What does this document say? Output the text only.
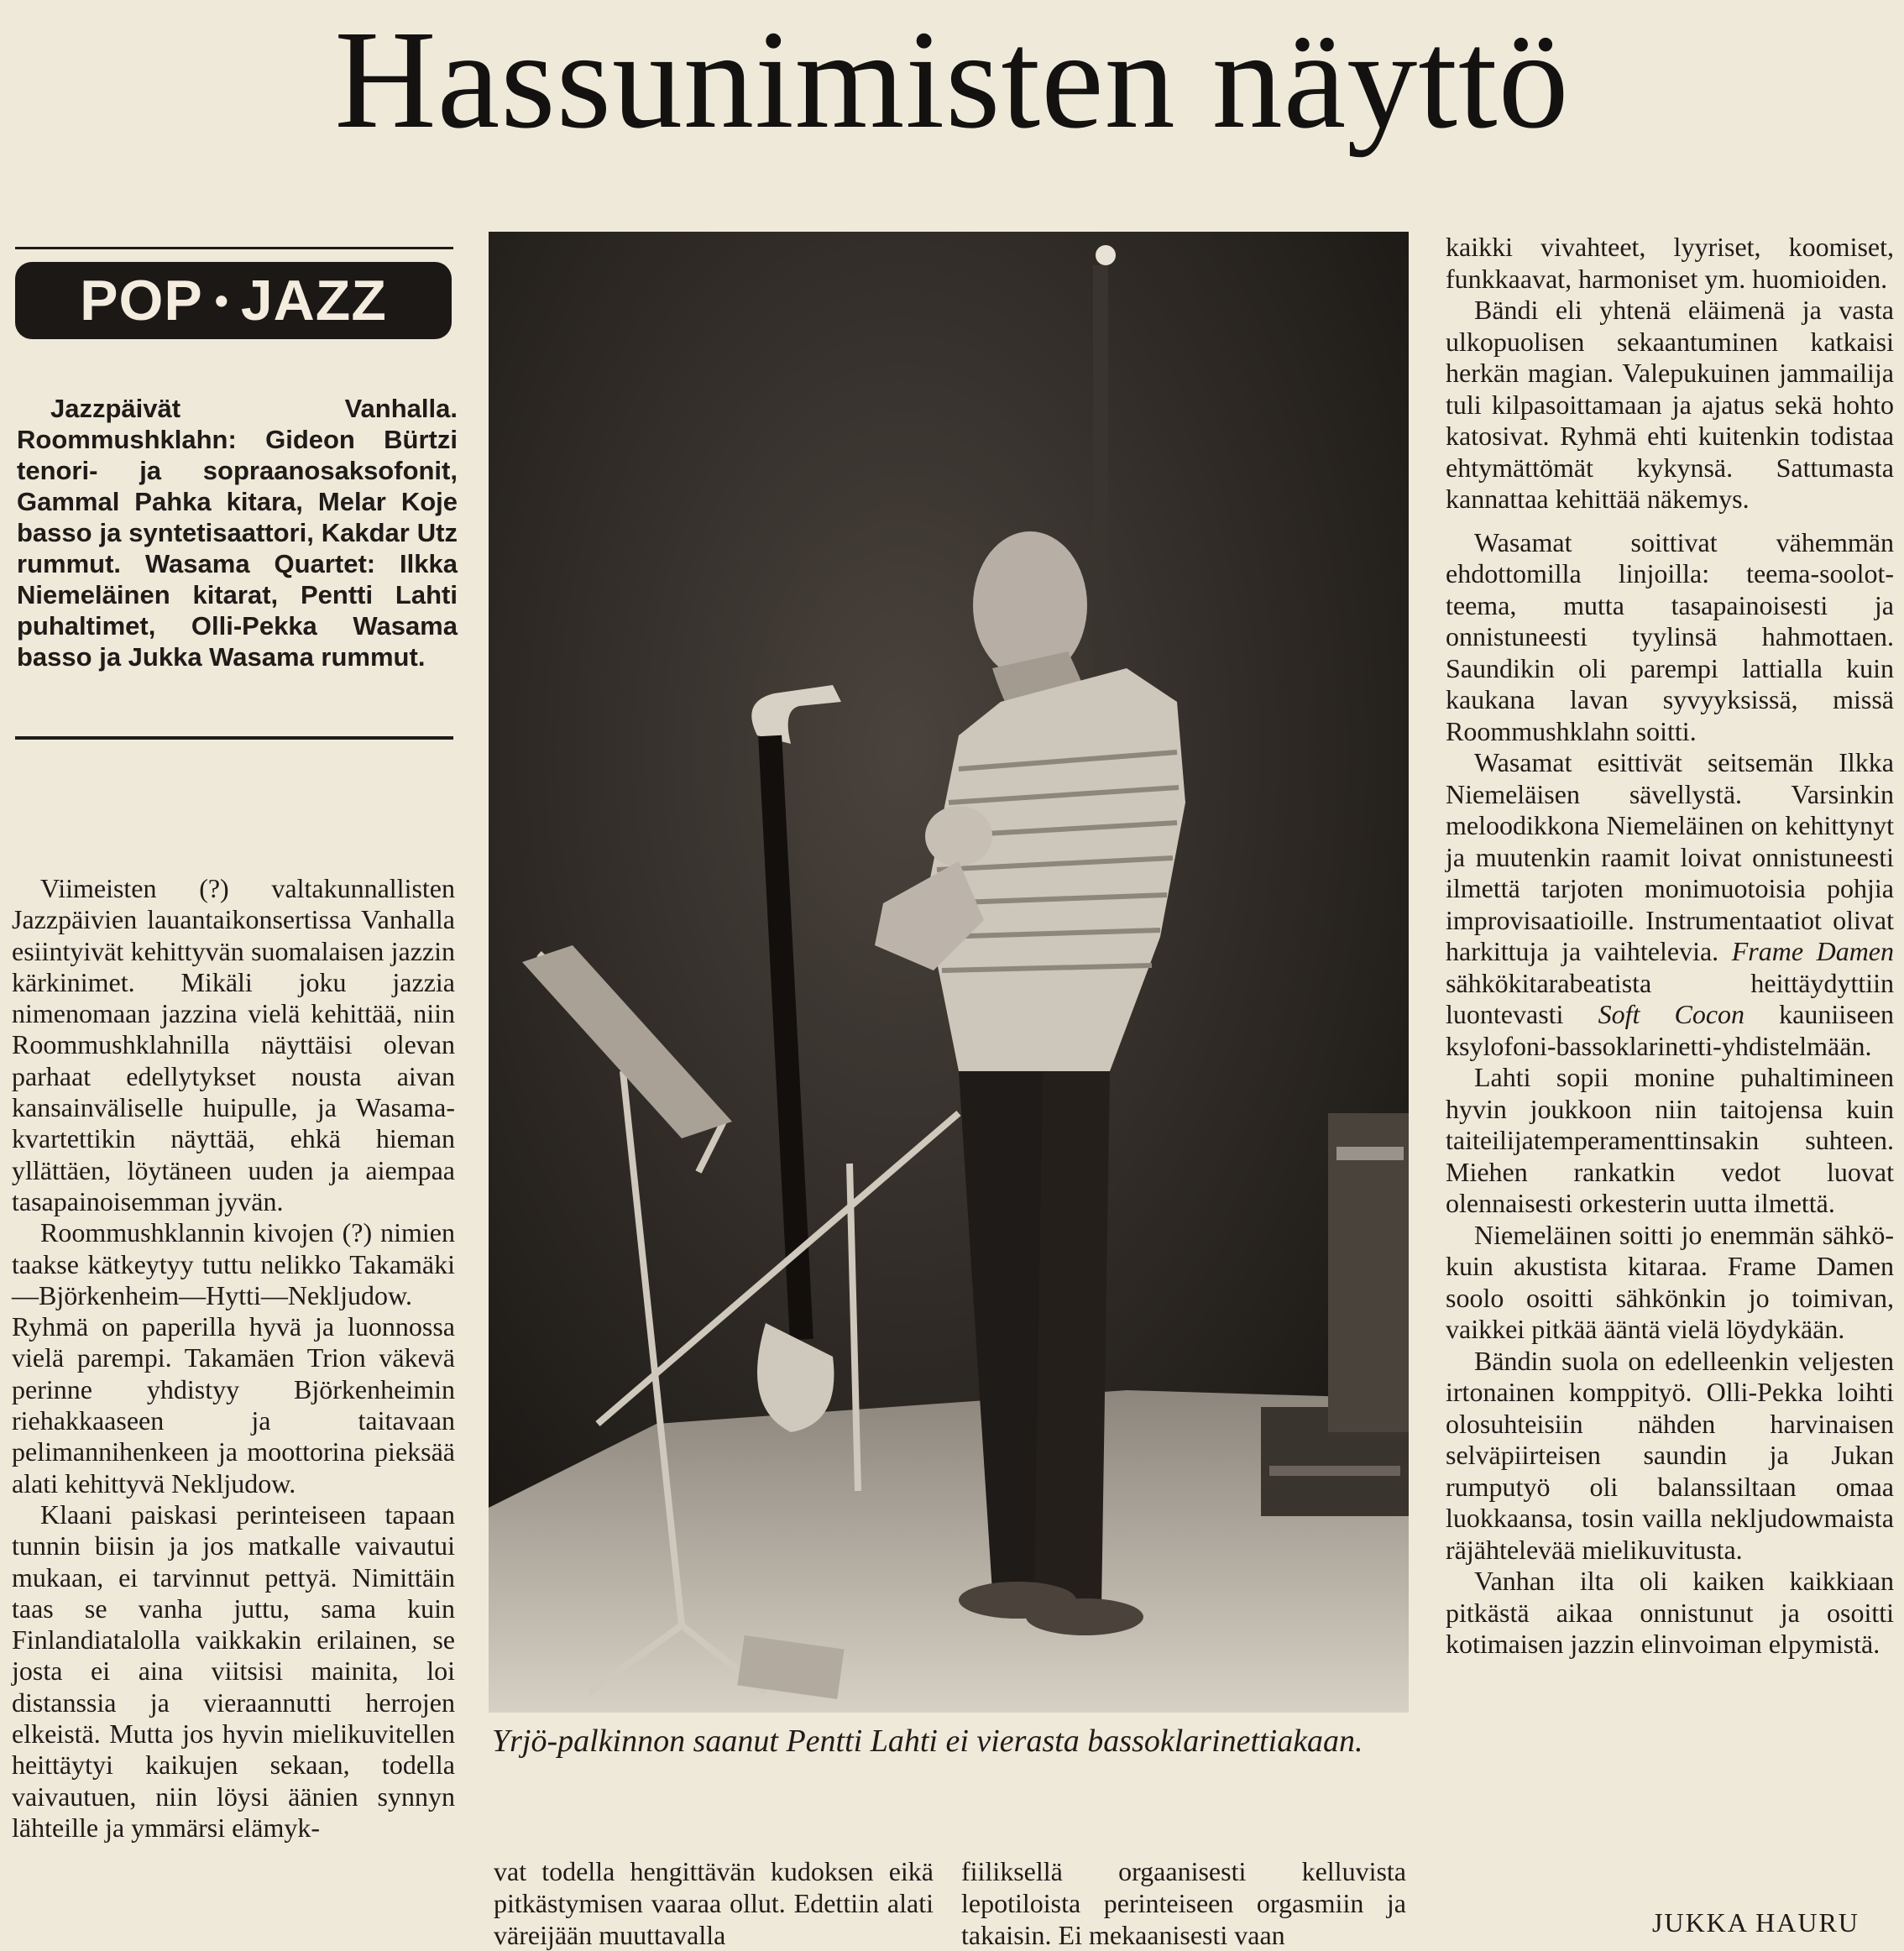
Hassunimisten näyttö
POP • JAZZ
Jazzpäivät Vanhalla. Roommushklahn: Gideon Bürtzi tenori- ja sopraanosaksofonit, Gammal Pahka kitara, Melar Koje basso ja syntetisaattori, Kakdar Utz rummut. Wasama Quartet: Ilkka Niemeläinen kitarat, Pentti Lahti puhaltimet, Olli-Pekka Wasama basso ja Jukka Wasama rummut.

Viimeisten (?) valtakunnallisten Jazzpäivien lauantaikonsertissa Vanhalla esiintyivät kehittyvän suomalaisen jazzin kärkinimet. Mikäli joku jazzia nimenomaan jazzina vielä kehittää, niin Roommushklahnilla näyttäisi olevan parhaat edellytykset nousta aivan kansainväliselle huipulle, ja Wasama-kvartettikin näyttää, ehkä hieman yllättäen, löytäneen uuden ja aiempaa tasapainoisemman jyvän.

Roommushklannin kivojen (?) nimien taakse kätkeytyy tuttu nelikko Takamäki—Björkenheim—Hytti—Nekljudow. Ryhmä on paperilla hyvä ja luonnossa vielä parempi. Takamäen Trion väkevä perinne yhdistyy Björkenheimin riehakkaaseen ja taitavaan pelimannihenkeen ja moottorina pieksää alati kehittyvä Nekljudow.

Klaani paiskasi perinteiseen tapaan tunnin biisin ja jos matkalle vaivautui mukaan, ei tarvinnut pettyä. Nimittäin taas se vanha juttu, sama kuin Finlandiatalolla vaikkakin erilainen, se josta ei aina viitsisi mainita, loi distanssia ja vieraannutti herrojen elkeistä. Mutta jos hyvin mielikuvitellen heittäytyi kaikujen sekaan, todella vaivautuen, niin löysi äänien synnyn lähteille ja ymmärsi elämyk-

Yrjö-palkinnon saanut Pentti Lahti ei vierasta bassoklarinettiakaan.

vat todella hengittävän kudoksen eikä pitkästymisen vaaraa ollut. Edettiin alati väreijään muuttavalla

fiiliksellä orgaanisesti kelluvista lepotiloista perinteiseen orgasmiin ja takaisin. Ei mekaanisesti vaan

kaikki vivahteet, lyyriset, koomiset, funkkaavat, harmoniset ym. huomioiden.

Bändi eli yhtenä eläimenä ja vasta ulkopuolisen sekaantuminen katkaisi herkän magian. Valepukuinen jammailija tuli kilpasoittamaan ja ajatus sekä hohto katosivat. Ryhmä ehti kuitenkin todistaa ehtymättömät kykynsä. Sattumasta kannattaa kehittää näkemys.

Wasamat soittivat vähemmän ehdottomilla linjoilla: teema-soolot-teema, mutta tasapainoisesti ja onnistuneesti tyylinsä hahmottaen. Saundikin oli parempi lattialla kuin kaukana lavan syvyyksissä, missä Roommushklahn soitti.

Wasamat esittivät seitsemän Ilkka Niemeläisen sävellystä. Varsinkin meloodikkona Niemeläinen on kehittynyt ja muutenkin raamit loivat onnistuneesti ilmettä tarjoten monimuotoisia pohjia improvisaatioille. Instrumentaatiot olivat harkittuja ja vaihtelevia. Frame Damen sähkökitarabeatista heittäydyttiin luontevasti Soft Cocon kauniiseen ksylofoni-bassoklarinetti-yhdistelmään.

Lahti sopii monine puhaltimineen hyvin joukkoon niin taitojensa kuin taiteilijatemperamenttinsakin suhteen. Miehen rankatkin vedot luovat olennaisesti orkesterin uutta ilmettä.

Niemeläinen soitti jo enemmän sähkö- kuin akustista kitaraa. Frame Damen soolo osoitti sähkönkin jo toimivan, vaikkei pitkää ääntä vielä löydykään.

Bändin suola on edelleenkin veljesten irtonainen komppityö. Olli-Pekka loihti olosuhteisiin nähden harvinaisen selväpiirteisen saundin ja Jukan rumputyö oli balanssiltaan omaa luokkaansa, tosin vailla nekljudowmaista räjähtelevää mielikuvitusta.

Vanhan ilta oli kaiken kaikkiaan pitkästä aikaa onnistunut ja osoitti kotimaisen jazzin elinvoiman elpymistä.

JUKKA HAURU
